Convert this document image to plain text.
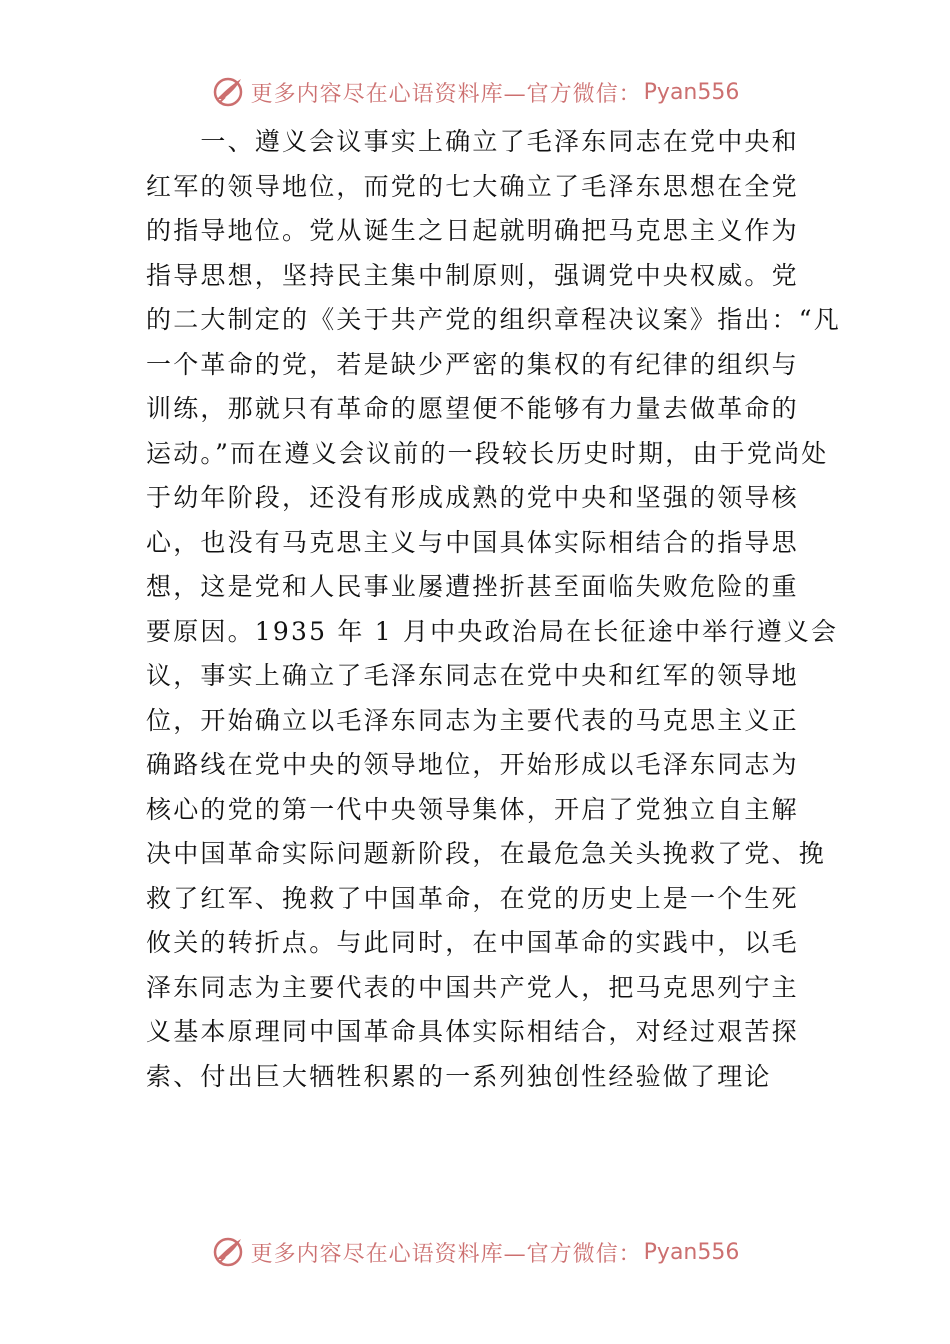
更多内容尽在心语资料库—官方微信： Pyan556
　　一、遵义会议事实上确立了毛泽东同志在党中央和
红军的领导地位，而党的七大确立了毛泽东思想在全党
的指导地位。党从诞生之日起就明确把马克思主义作为
指导思想，坚持民主集中制原则，强调党中央权威。党
的二大制定的《关于共产党的组织章程决议案》指出：“凡
一个革命的党，若是缺少严密的集权的有纪律的组织与
训练，那就只有革命的愿望便不能够有力量去做革命的
运动。”而在遵义会议前的一段较长历史时期，由于党尚处
于幼年阶段，还没有形成成熟的党中央和坚强的领导核
心，也没有马克思主义与中国具体实际相结合的指导思
想，这是党和人民事业屡遭挫折甚至面临失败危险的重
要原因。1935 年 1 月中央政治局在长征途中举行遵义会
议，事实上确立了毛泽东同志在党中央和红军的领导地
位，开始确立以毛泽东同志为主要代表的马克思主义正
确路线在党中央的领导地位，开始形成以毛泽东同志为
核心的党的第一代中央领导集体，开启了党独立自主解
决中国革命实际问题新阶段，在最危急关头挽救了党、挽
救了红军、挽救了中国革命，在党的历史上是一个生死
攸关的转折点。与此同时，在中国革命的实践中，以毛
泽东同志为主要代表的中国共产党人，把马克思列宁主
义基本原理同中国革命具体实际相结合，对经过艰苦探
索、付出巨大牺牲积累的一系列独创性经验做了理论
更多内容尽在心语资料库—官方微信： Pyan556
